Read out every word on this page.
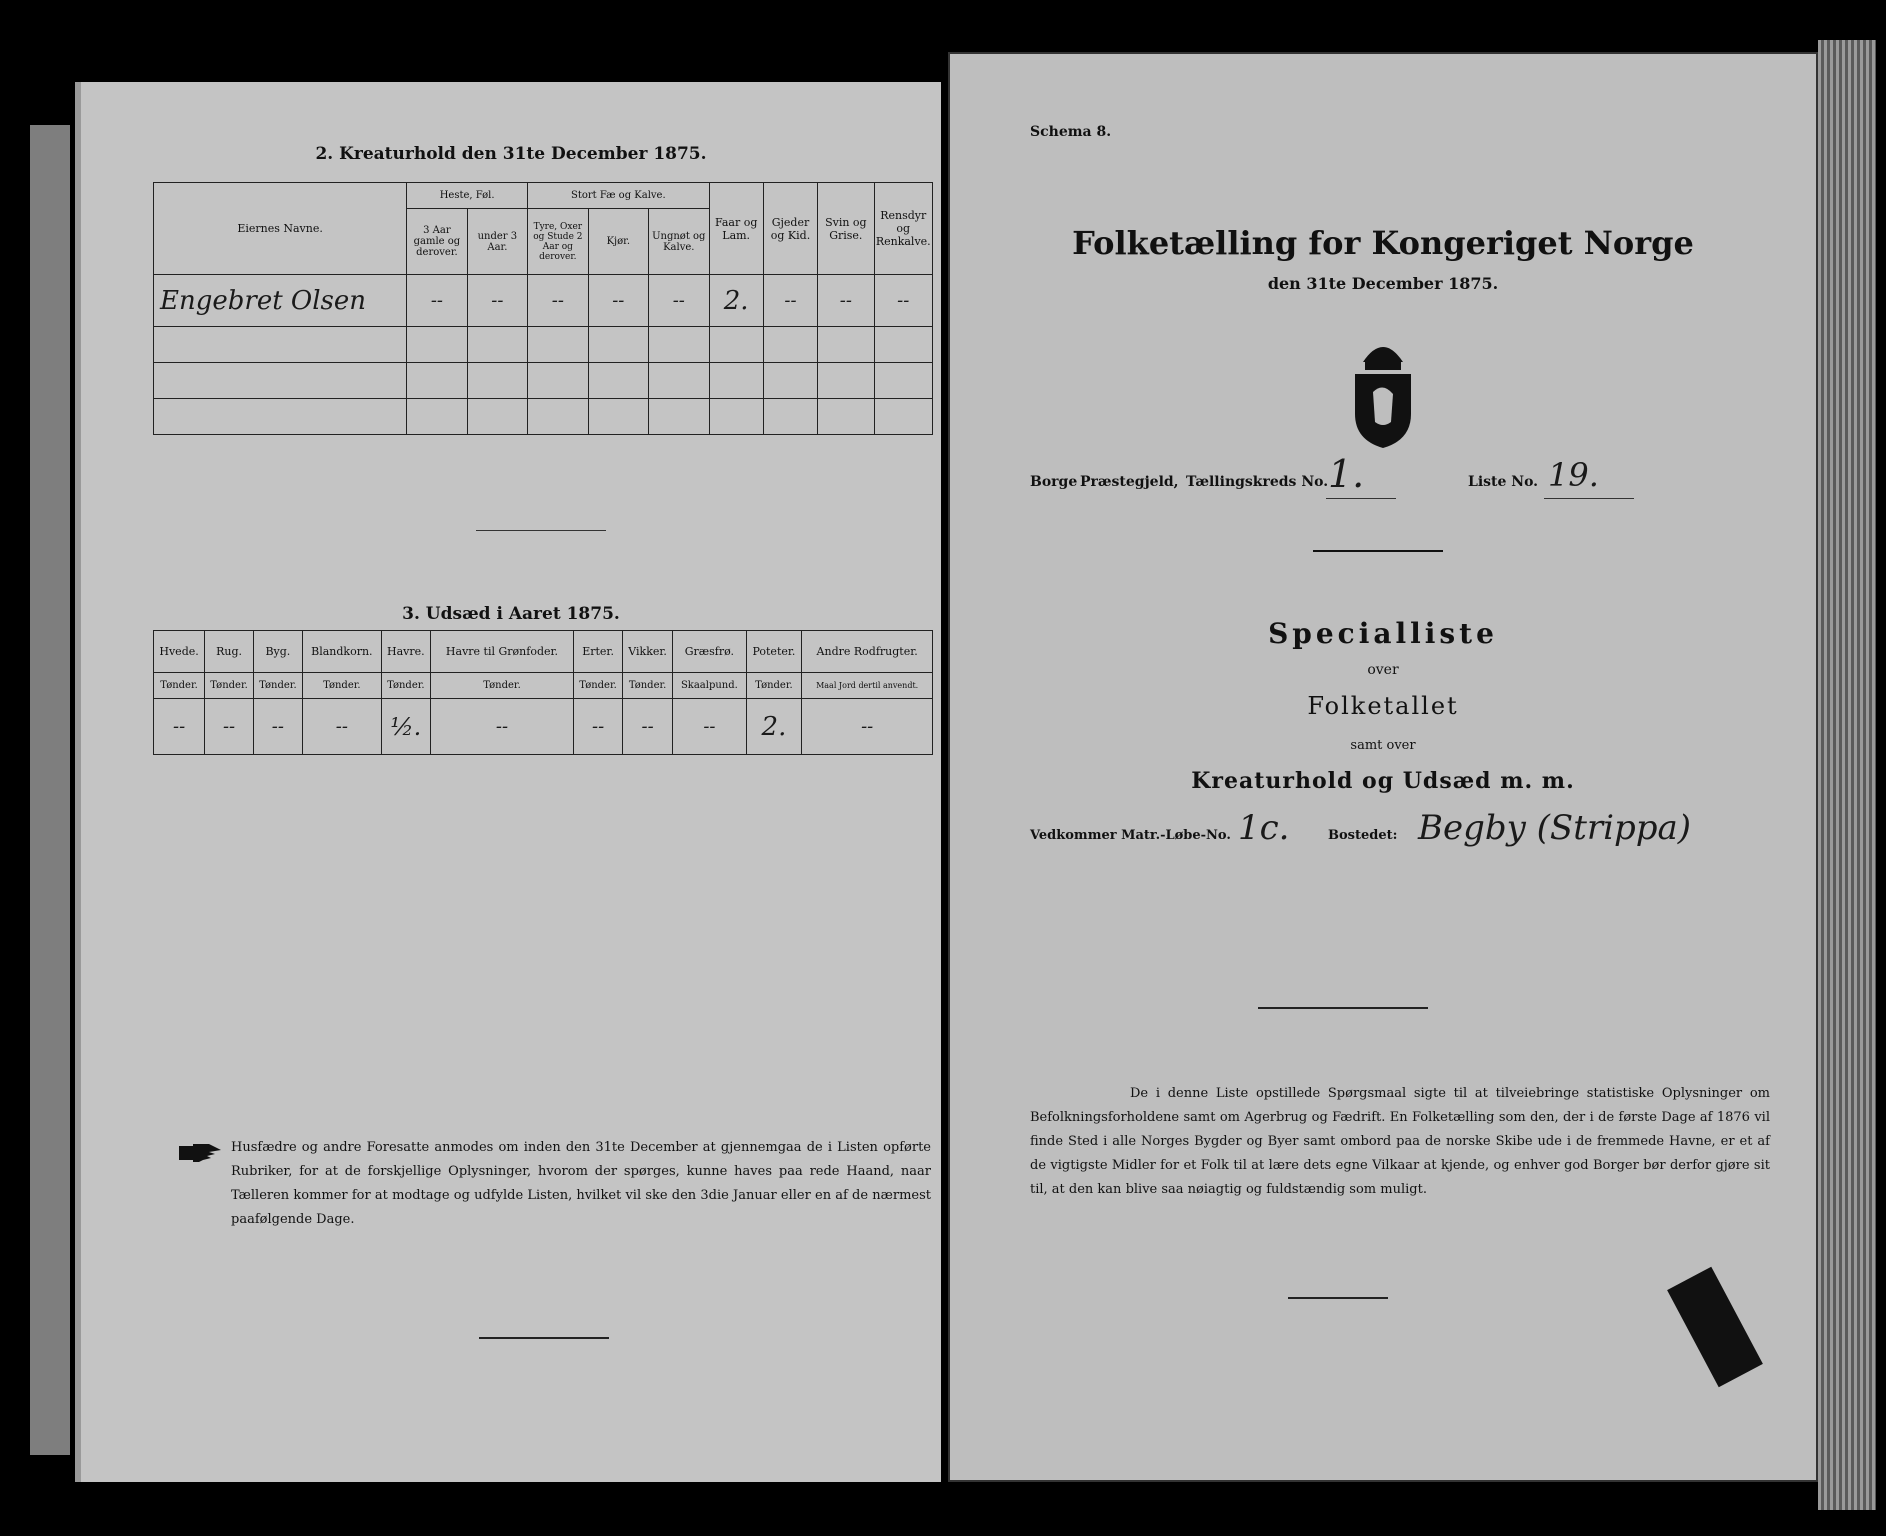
2. Kreaturhold den 31te December 1875.
Eiernes Navne.	Heste, Føl.		Stort Fæ og Kalve.			Faar og Lam.	Gjeder og Kid.	Svin og Grise.	Rensdyr og Renkalve.
	3 Aar gamle og derover.	under 3 Aar.	Tyre, Oxer og Stude 2 Aar og derover.	Kjør.	Ungnøt og Kalve.				
Engebret Olsen	--	--	--	--	--	2.	--	--	--

3. Udsæd i Aaret 1875.
Hvede.	Rug.	Byg.	Blandkorn.	Havre.	Havre til Grønfoder.	Erter.	Vikker.	Græsfrø.	Poteter.	Andre Rodfrugter.
Tønder.	Tønder.	Tønder.	Tønder.	Tønder.	Tønder.	Tønder.	Tønder.	Skaalpund.	Tønder.	Maal Jord dertil anvendt.
--	--	--	--	½.	--	--	--	--	2.	--
Husfædre og andre Foresatte anmodes om inden den 31te December at gjennemgaa de i Listen opførte Rubriker, for at de forskjellige Oplysninger, hvorom der spørges, kunne haves paa rede Haand, naar Tælleren kommer for at modtage og udfylde Listen, hvilket vil ske den 3die Januar eller en af de nærmest paafølgende Dage.
Schema 8.
Folketælling for Kongeriget Norge
den 31te December 1875.
Borge Præstegjeld, Tællingskreds No. 1.	Liste No. 19.
Specialliste
over
Folketallet
samt over
Kreaturhold og Udsæd m. m.
Vedkommer Matr.-Løbe-No. 1c.	Bostedet: Begby (Strippa)
De i denne Liste opstillede Spørgsmaal sigte til at tilveiebringe statistiske Oplysninger om Befolkningsforholdene samt om Agerbrug og Fædrift. En Folketælling som den, der i de første Dage af 1876 vil finde Sted i alle Norges Bygder og Byer samt ombord paa de norske Skibe ude i de fremmede Havne, er et af de vigtigste Midler for et Folk til at lære dets egne Vilkaar at kjende, og enhver god Borger bør derfor gjøre sit til, at den kan blive saa nøiagtig og fuldstændig som muligt.
